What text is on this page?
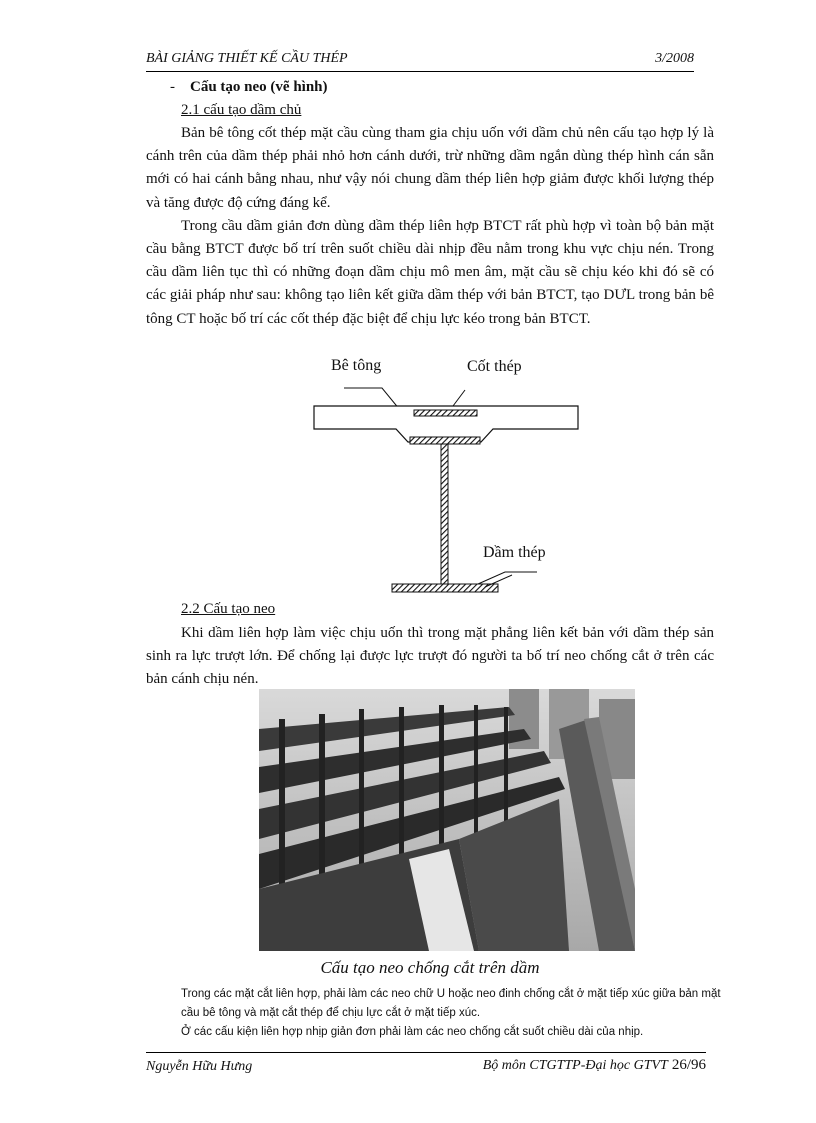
BÀI GIẢNG THIẾT KẾ CẦU THÉP	3/2008
- Cấu tạo neo (vẽ hình)
2.1 cấu tạo dầm chủ

Bản bê tông cốt thép mặt cầu cùng tham gia chịu uốn với dầm chủ nên cấu tạo hợp lý là cánh trên của dầm thép phải nhỏ hơn cánh dưới, trừ những dầm ngắn dùng thép hình cán sẵn mới có hai cánh bằng nhau, như vậy nói chung dầm thép liên hợp giảm được khối lượng thép và tăng được độ cứng đáng kể.

Trong cầu dầm giản đơn dùng dầm thép liên hợp BTCT rất phù hợp vì toàn bộ bản mặt cầu bằng BTCT được bố trí trên suốt chiều dài nhịp đều nằm trong khu vực chịu nén. Trong cầu dầm liên tục thì có những đoạn dầm chịu mô men âm, mặt cầu sẽ chịu kéo khi đó sẽ có các giải pháp như sau: không tạo liên kết giữa dầm thép với bản BTCT, tạo DƯL trong bản bê tông CT hoặc bố trí các cốt thép đặc biệt để chịu lực kéo trong bản BTCT.

Bê tông	Cốt thép
Dầm thép
2.2 Cấu tạo neo

Khi dầm liên hợp làm việc chịu uốn thì trong mặt phẳng liên kết bản với dầm thép sản sinh ra lực trượt lớn. Để chống lại được lực trượt đó người ta bố trí neo chống cắt ở trên các bản cánh chịu nén.

Cấu tạo neo chống cắt trên dầm

Trong các mặt cắt liên hợp, phải làm các neo chữ U hoặc neo đinh chống cắt ở mặt tiếp xúc giữa bản mặt cầu bê tông và mặt cắt thép để chịu lực cắt ở mặt tiếp xúc.

Ở các cấu kiện liên hợp nhịp giản đơn phải làm các neo chống cắt suốt chiều dài của nhịp.

Nguyễn Hữu Hưng	Bộ môn CTGTTP-Đại học GTVT 26/96
